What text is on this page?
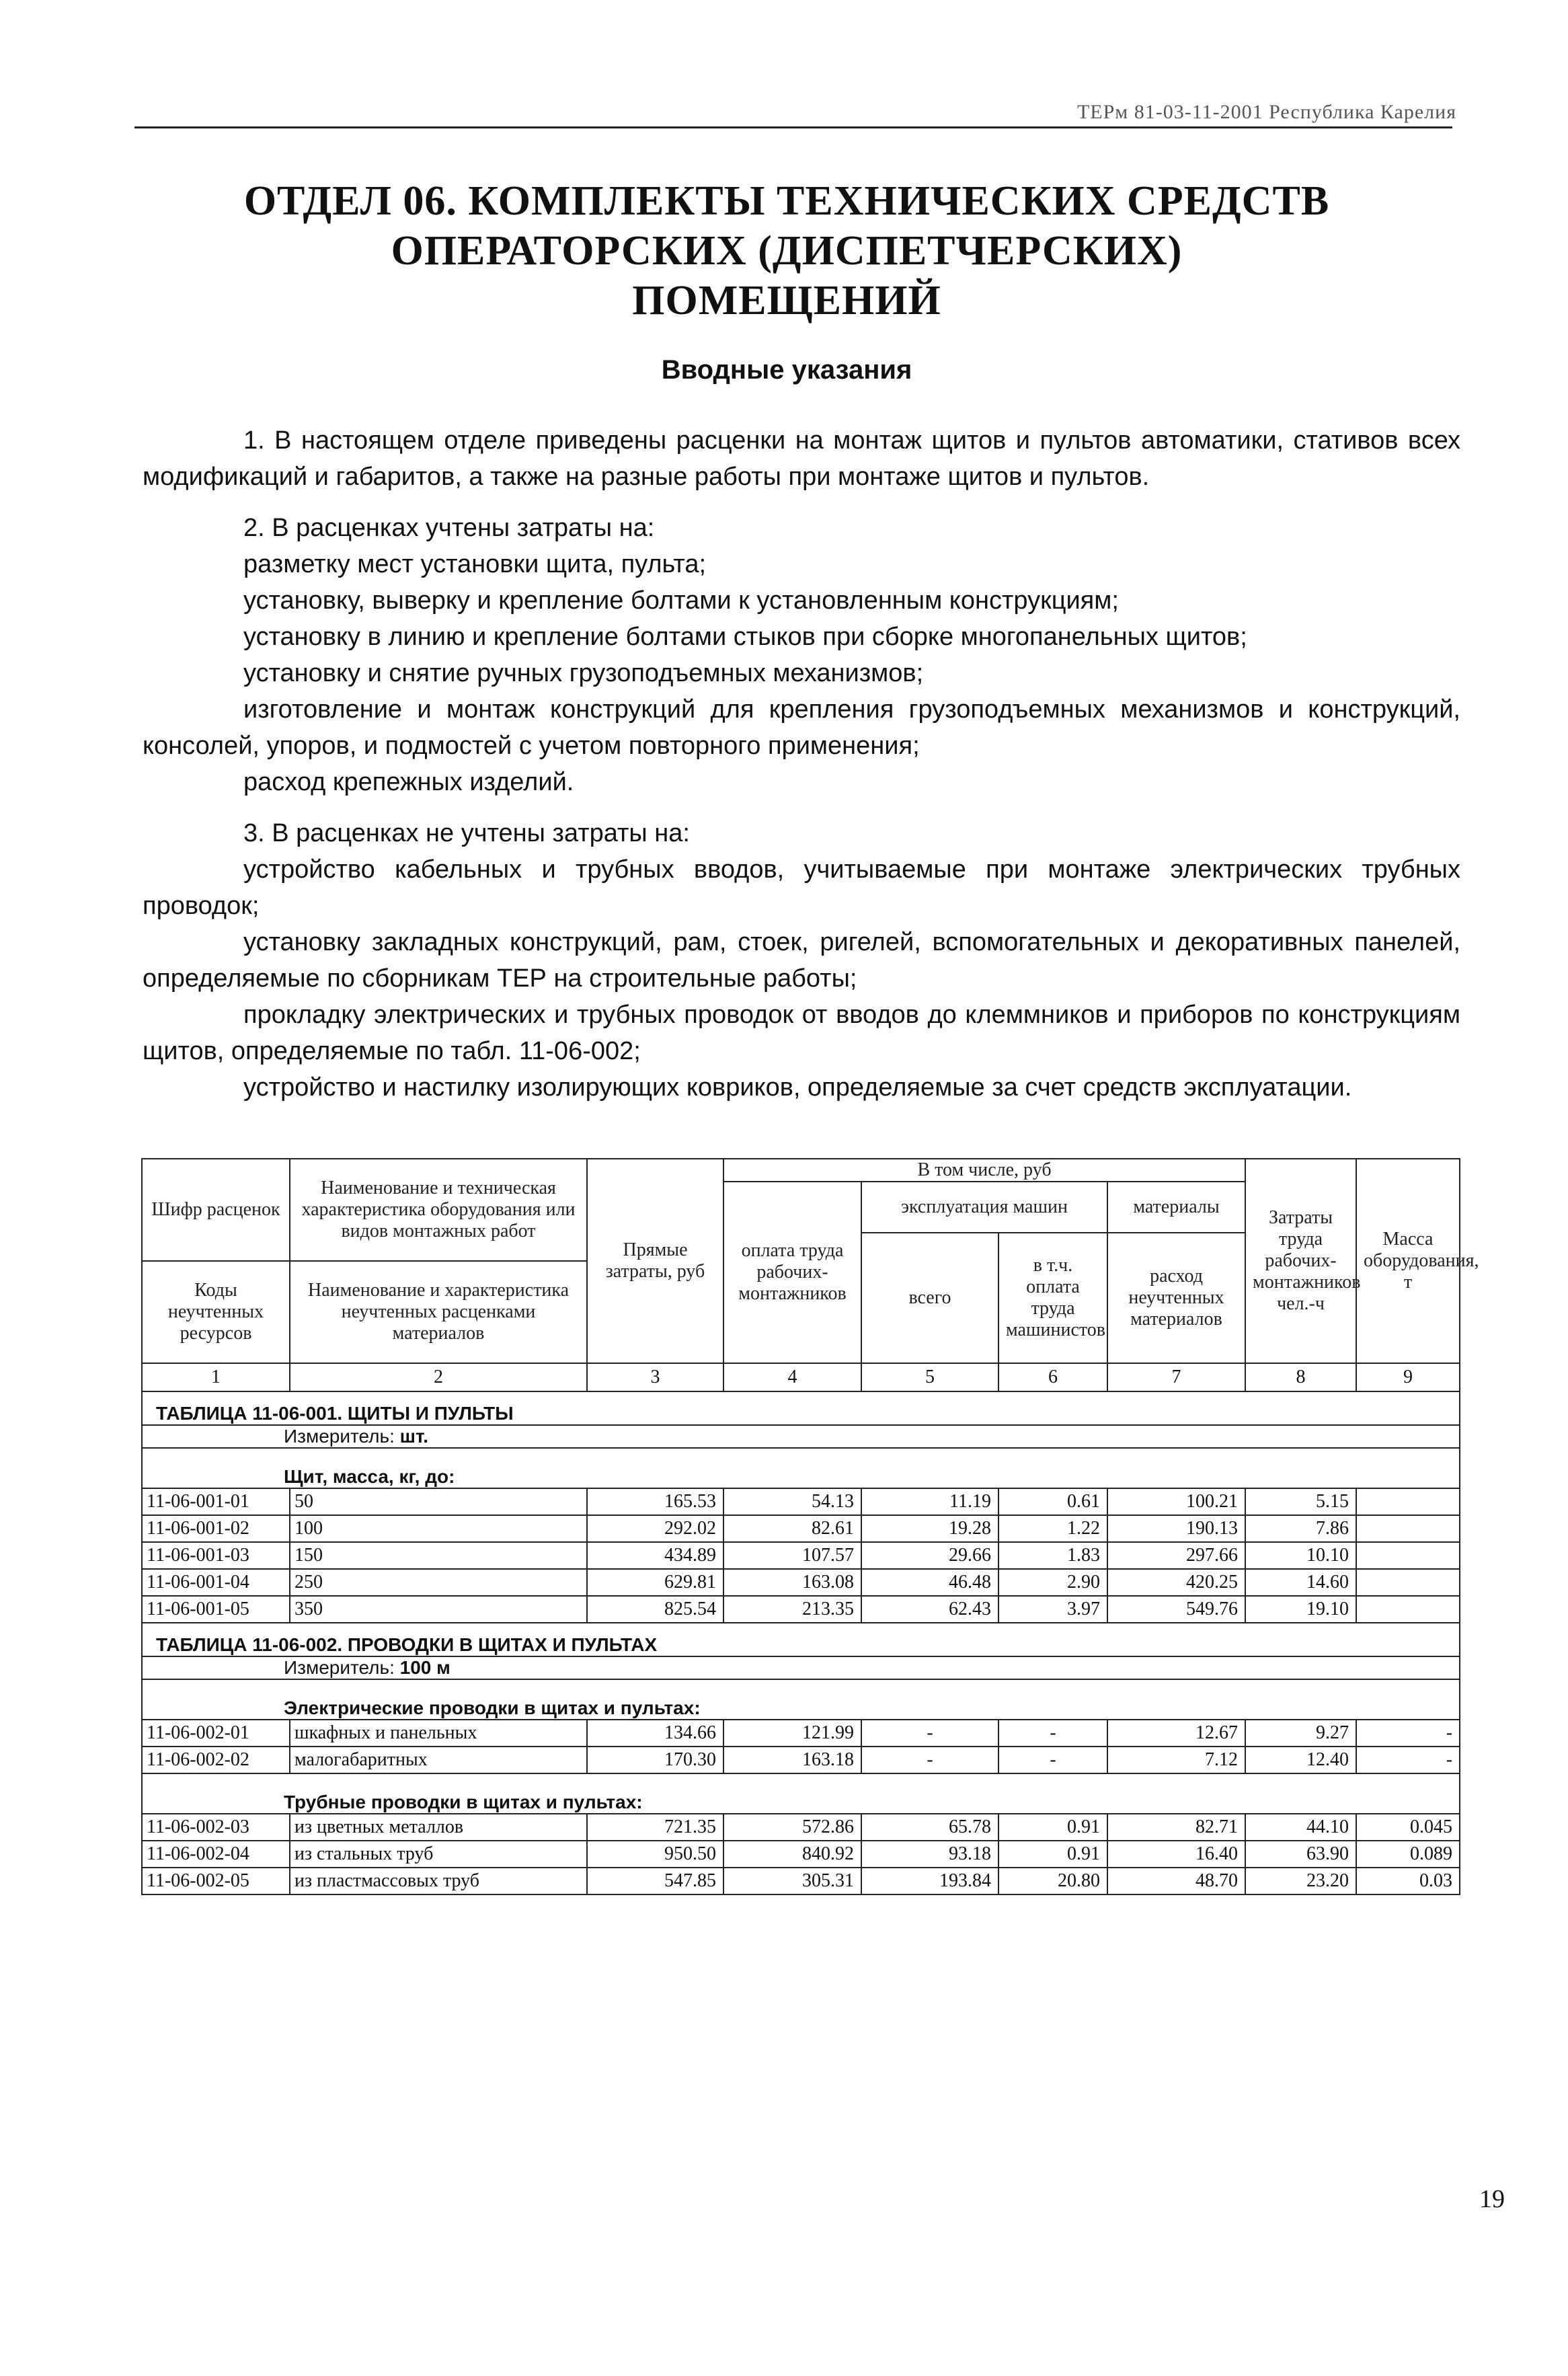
ТЕРм 81-03-11-2001 Республика Карелия
ОТДЕЛ 06. КОМПЛЕКТЫ ТЕХНИЧЕСКИХ СРЕДСТВ
ОПЕРАТОРСКИХ (ДИСПЕТЧЕРСКИХ)
ПОМЕЩЕНИЙ
Вводные указания

1. В настоящем отделе приведены расценки на монтаж щитов и пультов автоматики, стативов всех модификаций и габаритов, а также на разные работы при монтаже щитов и пультов.

2. В расценках учтены затраты на:

разметку мест установки щита, пульта;

установку, выверку и крепление болтами к установленным конструкциям;

установку в линию и крепление болтами стыков при сборке многопанельных щитов;

установку и снятие ручных грузоподъемных механизмов;

изготовление и монтаж конструкций для крепления грузоподъемных механизмов и конструкций, консолей, упоров, и подмостей с учетом повторного применения;

расход крепежных изделий.

3. В расценках не учтены затраты на:

устройство кабельных и трубных вводов, учитываемые при монтаже электрических трубных проводок;

установку закладных конструкций, рам, стоек, ригелей, вспомогательных и декоративных панелей, определяемые по сборникам ТЕР на строительные работы;

прокладку электрических и трубных проводок от вводов до клеммников и приборов по конструкциям щитов, определяемые по табл. 11-06-002;

устройство и настилку изолирующих ковриков, определяемые за счет средств эксплуатации.

Шифр расценок	Наименование и техническая характеристика оборудования или видов монтажных работ	Прямые затраты, руб	В том числе, руб				Затраты труда рабочих-монтажников чел.-ч	Масса оборудования, т
			оплата труда рабочих-монтажников	эксплуатация машин		материалы		
				всего	в т.ч. оплата труда машинистов	расход неучтенных материалов		
Коды неучтенных ресурсов	Наименование и характеристика неучтенных расценками материалов							

1	2	3	4	5	6	7	8	9
ТАБЛИЦА 11-06-001. ЩИТЫ И ПУЛЬТЫ								
Измеритель: шт.								
Щит, масса, кг, до:								
11-06-001-01	50	165.53	54.13	11.19	0.61	100.21	5.15	
11-06-001-02	100	292.02	82.61	19.28	1.22	190.13	7.86	
11-06-001-03	150	434.89	107.57	29.66	1.83	297.66	10.10	
11-06-001-04	250	629.81	163.08	46.48	2.90	420.25	14.60	
11-06-001-05	350	825.54	213.35	62.43	3.97	549.76	19.10	
ТАБЛИЦА 11-06-002. ПРОВОДКИ В ЩИТАХ И ПУЛЬТАХ								
Измеритель: 100 м								
Электрические проводки в щитах и пультах:								
11-06-002-01	шкафных и панельных	134.66	121.99	-	-	12.67	9.27	-
11-06-002-02	малогабаритных	170.30	163.18	-	-	7.12	12.40	-
Трубные проводки в щитах и пультах:								
11-06-002-03	из цветных металлов	721.35	572.86	65.78	0.91	82.71	44.10	0.045
11-06-002-04	из стальных труб	950.50	840.92	93.18	0.91	16.40	63.90	0.089
11-06-002-05	из пластмассовых труб	547.85	305.31	193.84	20.80	48.70	23.20	0.03
19
